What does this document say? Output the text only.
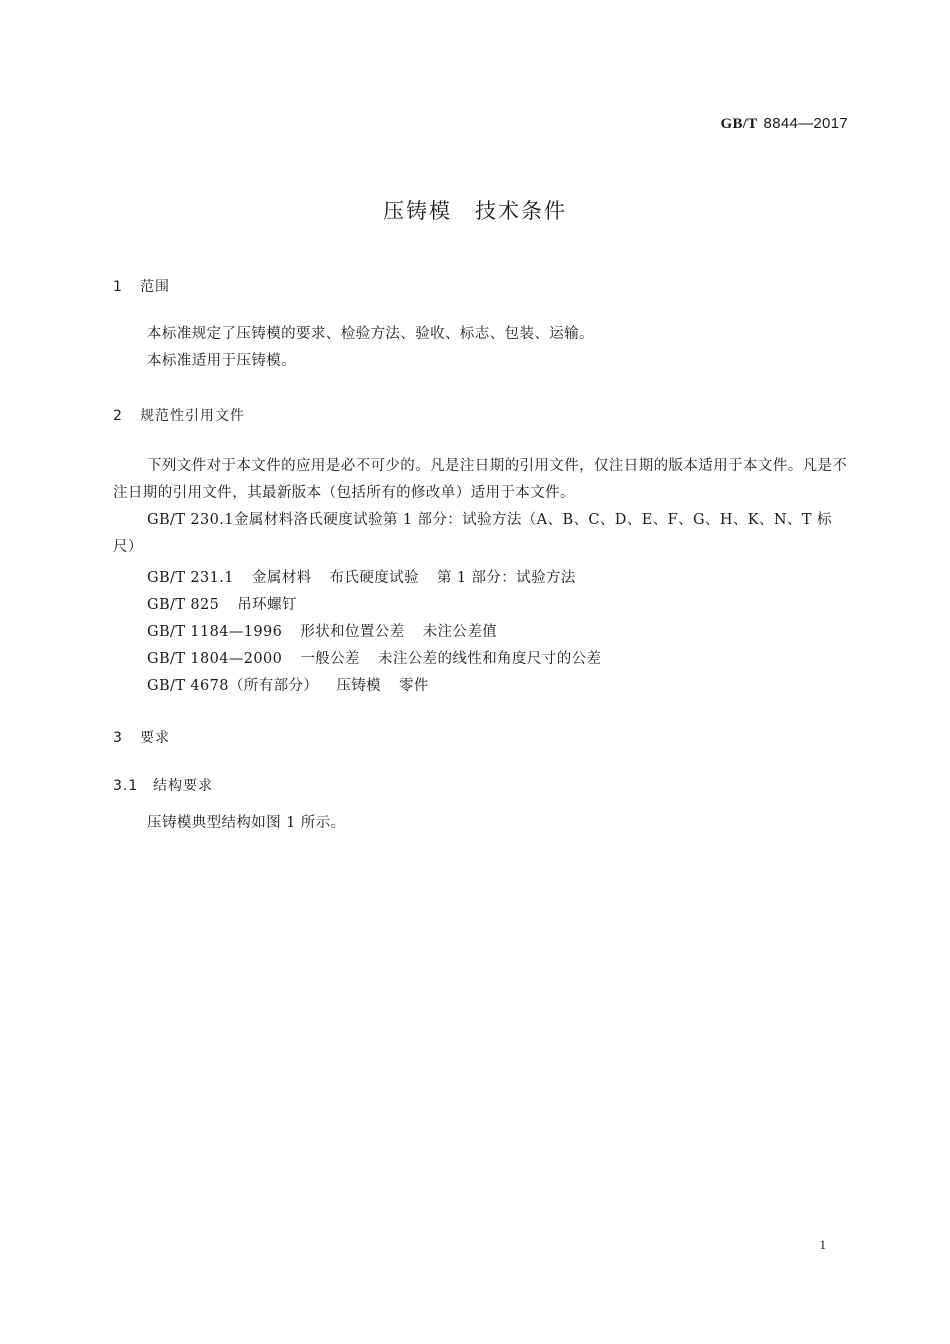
GB/T 8844—2017
压铸模　技术条件
1 范围
本标准规定了压铸模的要求、检验方法、验收、标志、包装、运输。
本标准适用于压铸模。
2 规范性引用文件
下列文件对于本文件的应用是必不可少的。凡是注日期的引用文件，仅注日期的版本适用于本文件。凡是不注日期的引用文件，其最新版本（包括所有的修改单）适用于本文件。
GB/T 230.1金属材料洛氏硬度试验第 1 部分：试验方法（A、B、C、D、E、F、G、H、K、N、T 标尺）
GB/T 231.1 金属材料 布氏硬度试验 第 1 部分：试验方法
GB/T 825 吊环螺钉
GB/T 1184—1996 形状和位置公差 未注公差值
GB/T 1804—2000 一般公差 未注公差的线性和角度尺寸的公差
GB/T 4678（所有部分） 压铸模 零件
3 要求
3.1 结构要求
压铸模典型结构如图 1 所示。
1
